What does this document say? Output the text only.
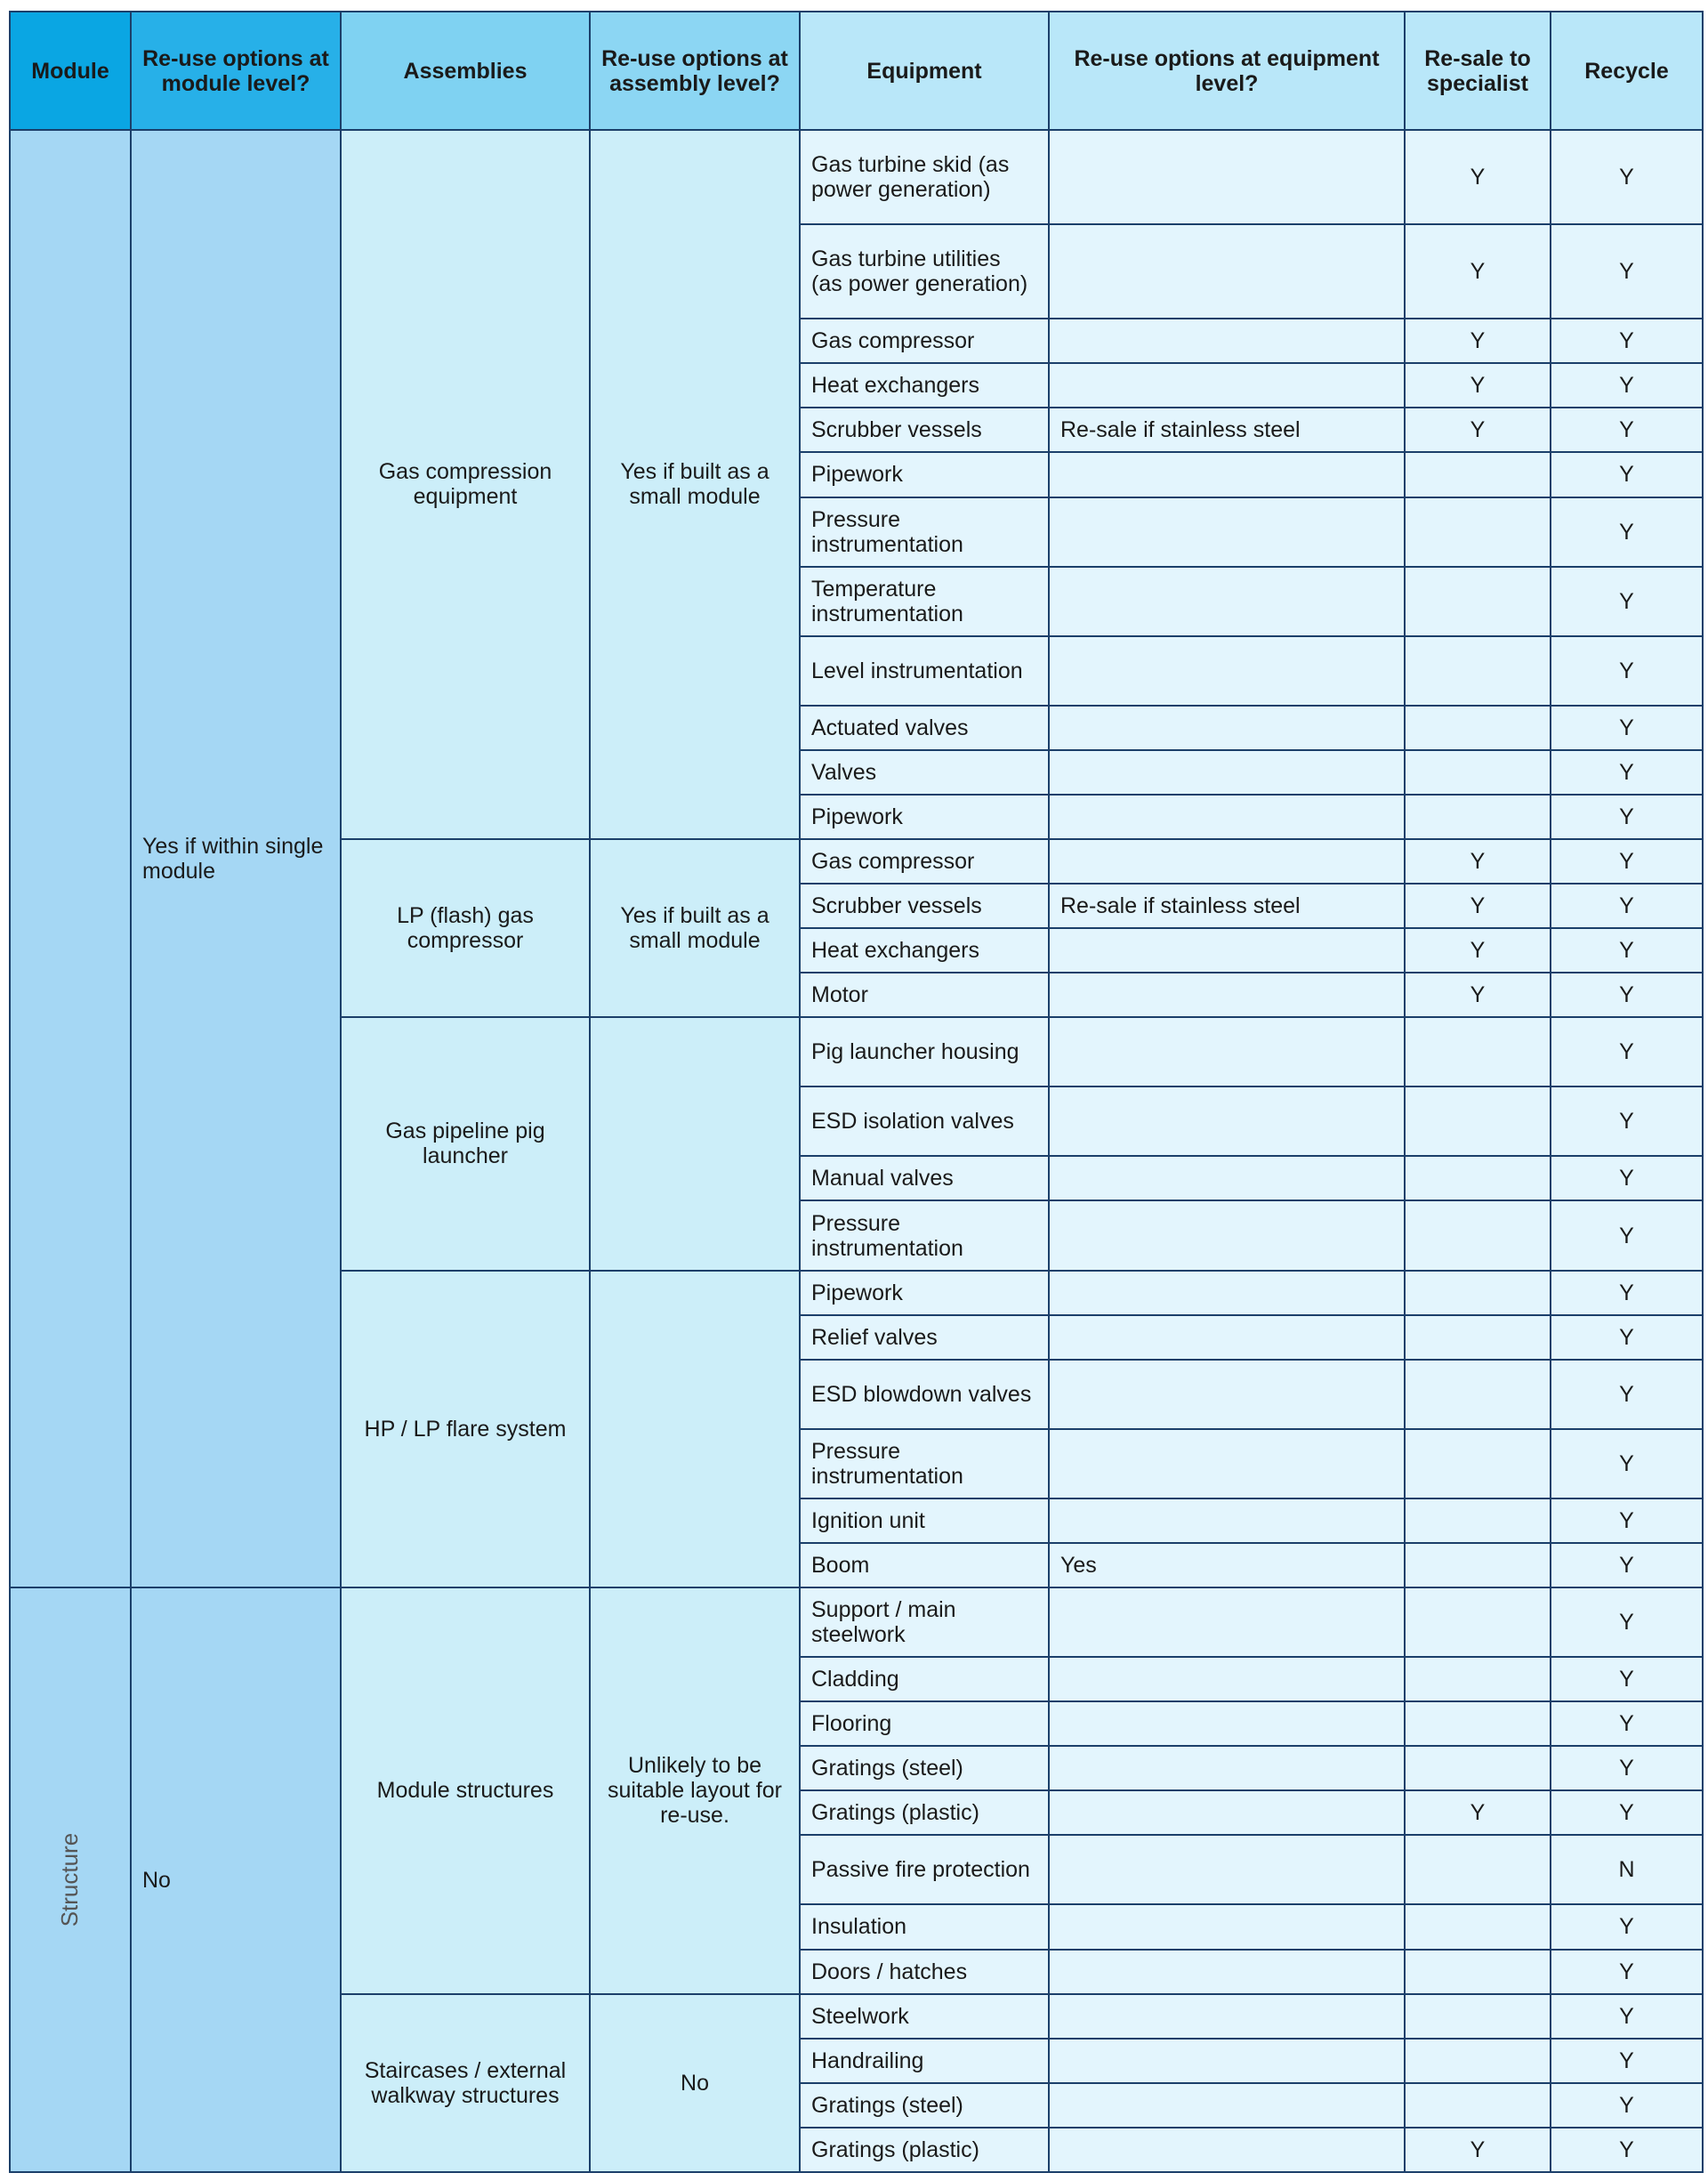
Module	Re-use options at module level?	Assemblies	Re-use options at assembly level?	Equipment	Re-use options at equipment level?	Re-sale to specialist	Recycle
	Yes if within single module	Gas compression equipment	Yes if built as a small module	Gas turbine skid (as power generation)		Y	Y
				Gas turbine utilities (as power generation)		Y	Y
				Gas compressor		Y	Y
				Heat exchangers		Y	Y
				Scrubber vessels	Re-sale if stainless steel	Y	Y
				Pipework			Y
				Pressure instrumentation			Y
				Temperature instrumentation			Y
				Level instrumentation			Y
				Actuated valves			Y
				Valves			Y
				Pipework			Y
		LP (flash) gas compressor	Yes if built as a small module	Gas compressor		Y	Y
				Scrubber vessels	Re-sale if stainless steel	Y	Y
				Heat exchangers		Y	Y
				Motor		Y	Y
		Gas pipeline pig launcher		Pig launcher housing			Y
				ESD isolation valves			Y
				Manual valves			Y
				Pressure instrumentation			Y
		HP / LP flare system		Pipework			Y
				Relief valves			Y
				ESD blowdown valves			Y
				Pressure instrumentation			Y
				Ignition unit			Y
				Boom	Yes		Y
Structure	No	Module structures	Unlikely to be suitable layout for re-use.	Support / main steelwork			Y
				Cladding			Y
				Flooring			Y
				Gratings (steel)			Y
				Gratings (plastic)		Y	Y
				Passive fire protection			N
				Insulation			Y
				Doors / hatches			Y
		Staircases / external walkway structures	No	Steelwork			Y
				Handrailing			Y
				Gratings (steel)			Y
				Gratings (plastic)		Y	Y
